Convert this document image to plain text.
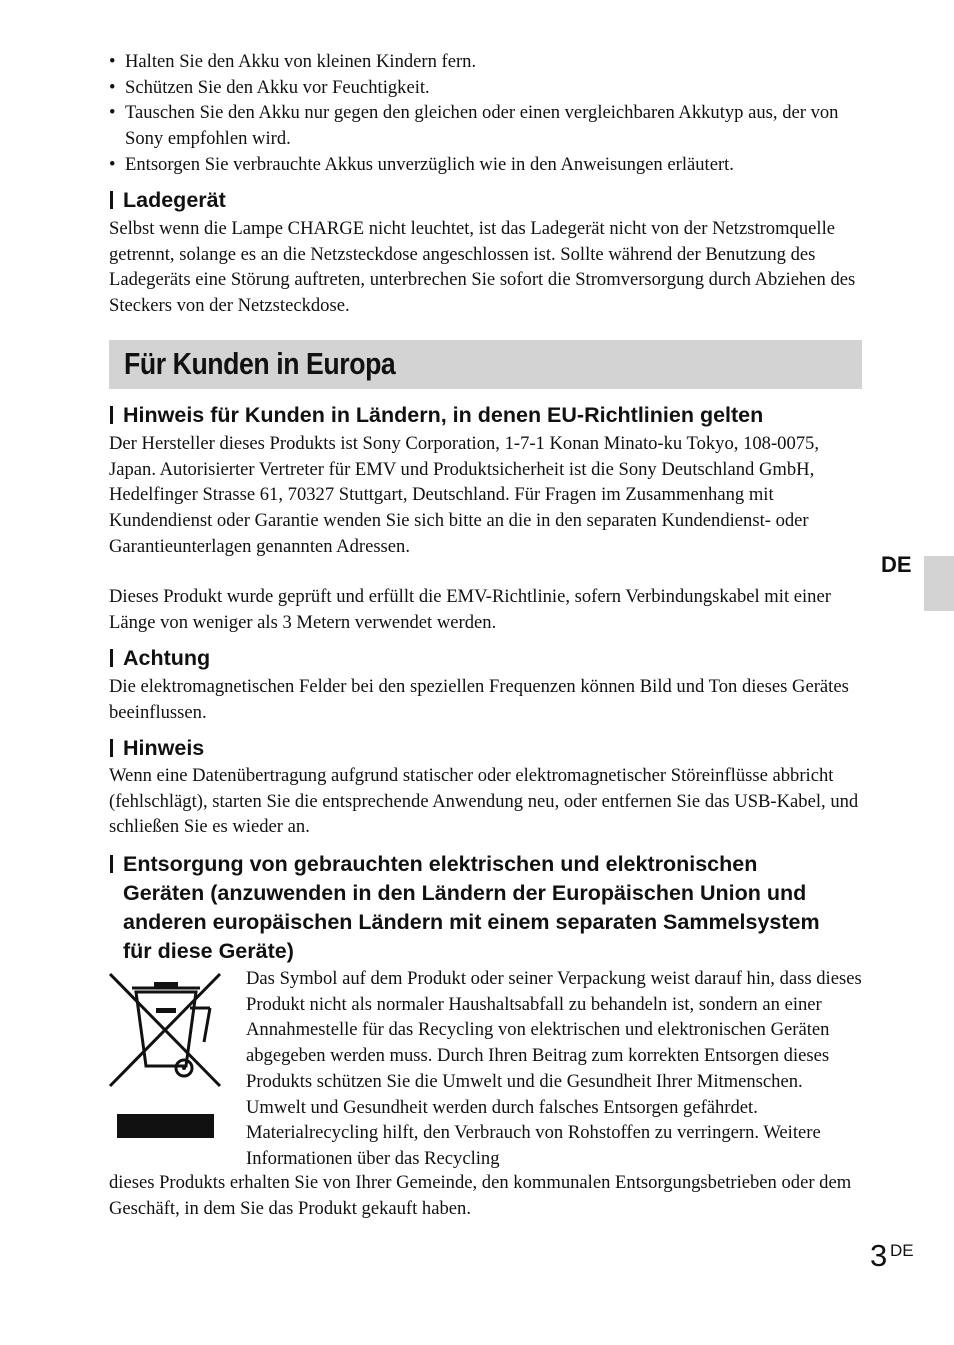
• Halten Sie den Akku von kleinen Kindern fern.
• Schützen Sie den Akku vor Feuchtigkeit.
• Tauschen Sie den Akku nur gegen den gleichen oder einen vergleichbaren Akkutyp aus, der von Sony empfohlen wird.
• Entsorgen Sie verbrauchte Akkus unverzüglich wie in den Anweisungen erläutert.
Ladegerät

Selbst wenn die Lampe CHARGE nicht leuchtet, ist das Ladegerät nicht von der Netzstromquelle getrennt, solange es an die Netzsteckdose angeschlossen ist. Sollte während der Benutzung des Ladegeräts eine Störung auftreten, unterbrechen Sie sofort die Stromversorgung durch Abziehen des Steckers von der Netzsteckdose.

Für Kunden in Europa
Hinweis für Kunden in Ländern, in denen EU-Richtlinien gelten

Der Hersteller dieses Produkts ist Sony Corporation, 1-7-1 Konan Minato-ku Tokyo, 108-0075, Japan. Autorisierter Vertreter für EMV und Produktsicherheit ist die Sony Deutschland GmbH, Hedelfinger Strasse 61, 70327 Stuttgart, Deutschland. Für Fragen im Zusammenhang mit Kundendienst oder Garantie wenden Sie sich bitte an die in den separaten Kundendienst- oder Garantieunterlagen genannten Adressen.

Dieses Produkt wurde geprüft und erfüllt die EMV-Richtlinie, sofern Verbindungskabel mit einer Länge von weniger als 3 Metern verwendet werden.

DE
Achtung

Die elektromagnetischen Felder bei den speziellen Frequenzen können Bild und Ton dieses Gerätes beeinflussen.

Hinweis

Wenn eine Datenübertragung aufgrund statischer oder elektromagnetischer Störeinflüsse abbricht (fehlschlägt), starten Sie die entsprechende Anwendung neu, oder entfernen Sie das USB-Kabel, und schließen Sie es wieder an.

Entsorgung von gebrauchten elektrischen und elektronischen Geräten (anzuwenden in den Ländern der Europäischen Union und anderen europäischen Ländern mit einem separaten Sammelsystem für diese Geräte)

Das Symbol auf dem Produkt oder seiner Verpackung weist darauf hin, dass dieses Produkt nicht als normaler Haushaltsabfall zu behandeln ist, sondern an einer Annahmestelle für das Recycling von elektrischen und elektronischen Geräten abgegeben werden muss. Durch Ihren Beitrag zum korrekten Entsorgen dieses Produkts schützen Sie die Umwelt und die Gesundheit Ihrer Mitmenschen. Umwelt und Gesundheit werden durch falsches Entsorgen gefährdet. Materialrecycling hilft, den Verbrauch von Rohstoffen zu verringern. Weitere Informationen über das Recycling

dieses Produkts erhalten Sie von Ihrer Gemeinde, den kommunalen Entsorgungsbetrieben oder dem Geschäft, in dem Sie das Produkt gekauft haben.

3 DE
